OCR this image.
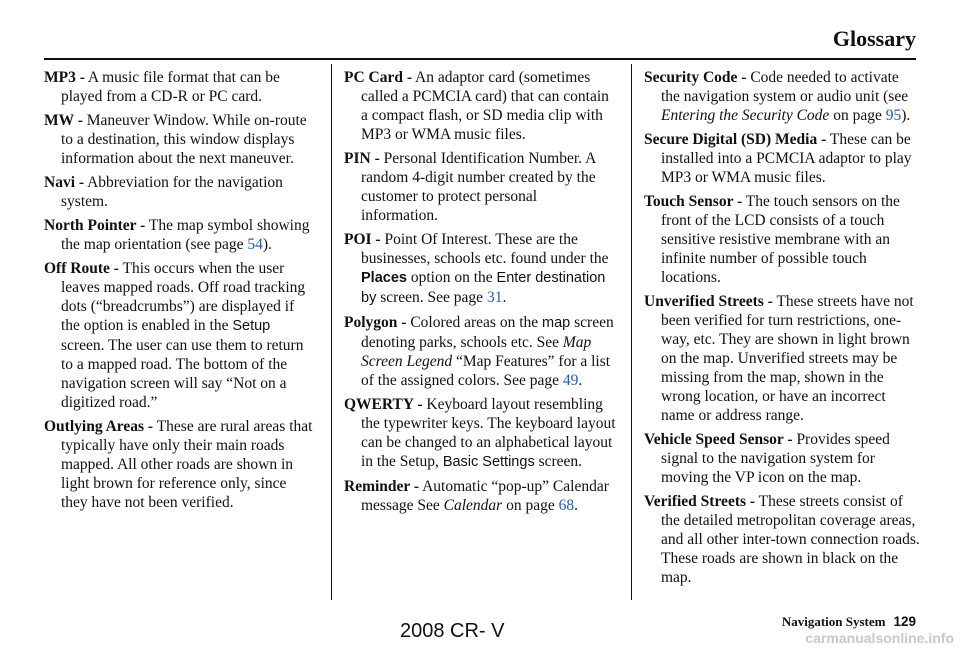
Glossary

MP3 - A music file format that can be played from a CD-R or PC card.

MW - Maneuver Window. While on-route to a destination, this window displays information about the next maneuver.

Navi - Abbreviation for the navigation system.

North Pointer - The map symbol showing the map orientation (see page 54).

Off Route - This occurs when the user leaves mapped roads. Off road tracking dots (“breadcrumbs”) are displayed if the option is enabled in the Setup screen. The user can use them to return to a mapped road. The bottom of the navigation screen will say “Not on a digitized road.”

Outlying Areas - These are rural areas that typically have only their main roads mapped. All other roads are shown in light brown for reference only, since they have not been verified.

PC Card - An adaptor card (sometimes called a PCMCIA card) that can contain a compact flash, or SD media clip with MP3 or WMA music files.

PIN - Personal Identification Number. A random 4-digit number created by the customer to protect personal information.

POI - Point Of Interest. These are the businesses, schools etc. found under the Places option on the Enter destination by screen. See page 31.

Polygon - Colored areas on the map screen denoting parks, schools etc. See Map Screen Legend “Map Features” for a list of the assigned colors. See page 49.

QWERTY - Keyboard layout resembling the typewriter keys. The keyboard layout can be changed to an alphabetical layout in the Setup, Basic Settings screen.

Reminder - Automatic “pop-up” Calendar message See Calendar on page 68.

Security Code - Code needed to activate the navigation system or audio unit (see Entering the Security Code on page 95).

Secure Digital (SD) Media - These can be installed into a PCMCIA adaptor to play MP3 or WMA music files.

Touch Sensor - The touch sensors on the front of the LCD consists of a touch sensitive resistive membrane with an infinite number of possible touch locations.

Unverified Streets - These streets have not been verified for turn restrictions, one-way, etc. They are shown in light brown on the map. Unverified streets may be missing from the map, shown in the wrong location, or have an incorrect name or address range.

Vehicle Speed Sensor - Provides speed signal to the navigation system for moving the VP icon on the map.

Verified Streets - These streets consist of the detailed metropolitan coverage areas, and all other inter-town connection roads. These roads are shown in black on the map.

Navigation System 129
2008 CR- V	carmanualsonline.info
